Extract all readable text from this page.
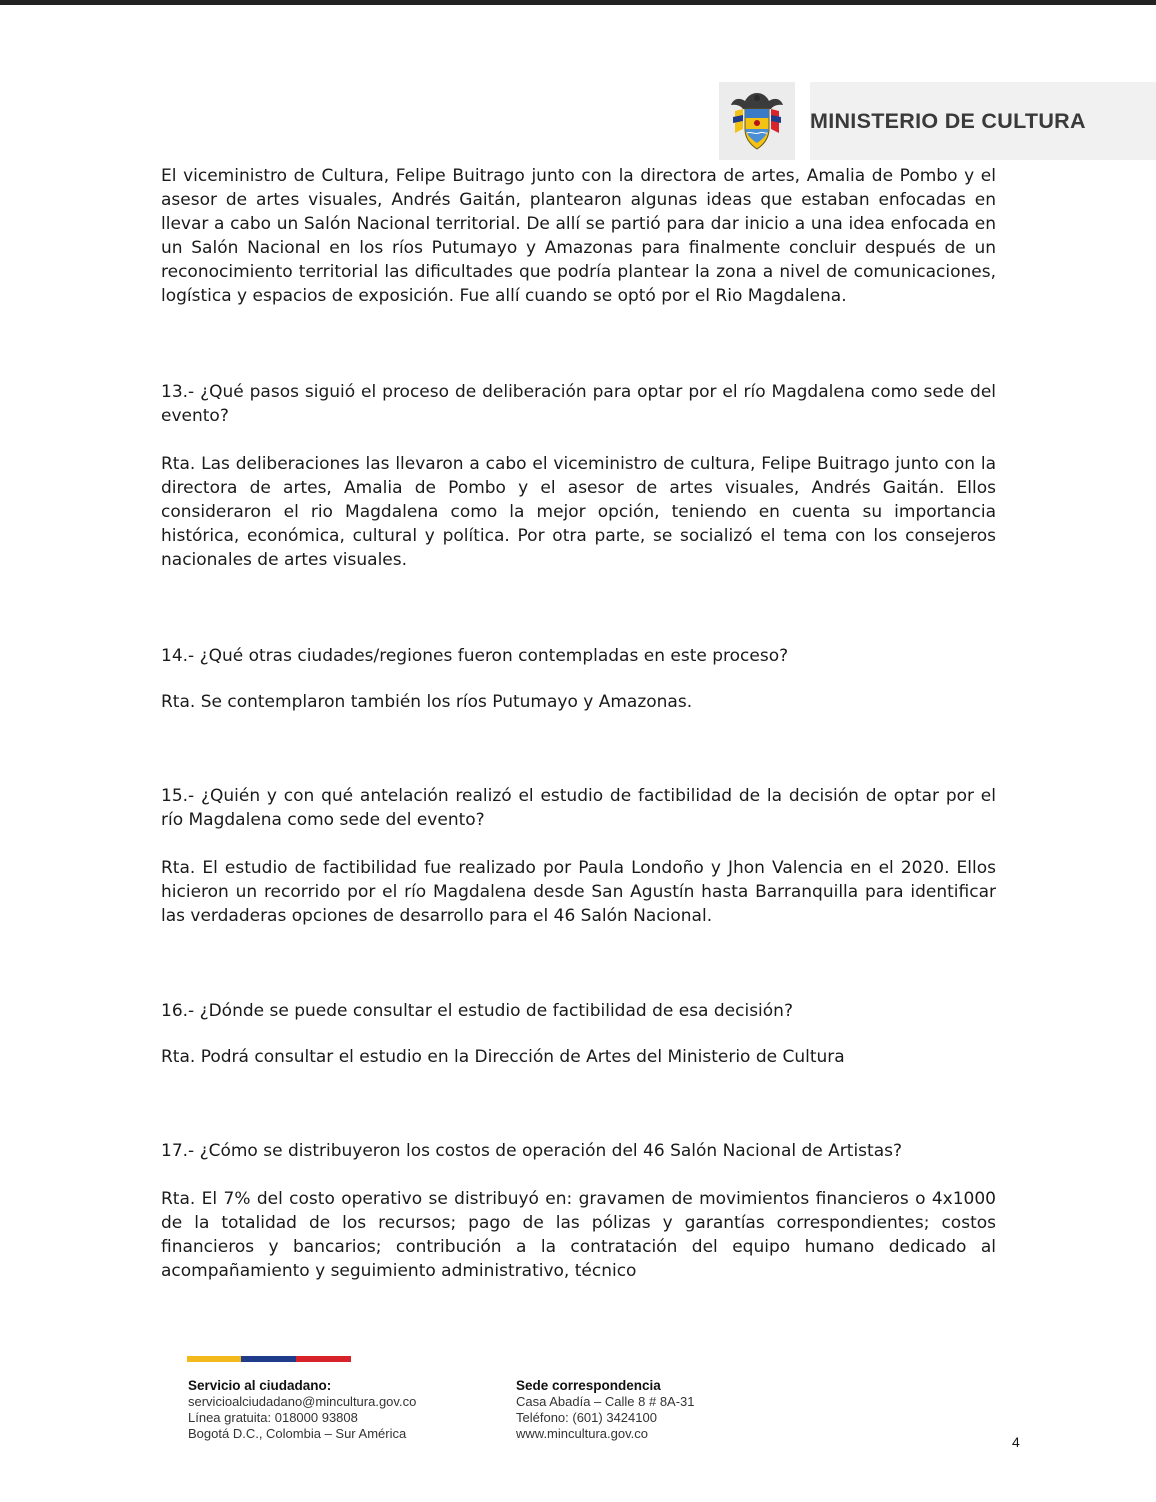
MINISTERIO DE CULTURA

El viceministro de Cultura, Felipe Buitrago junto con la directora de artes, Amalia de Pombo y el asesor de artes visuales, Andrés Gaitán, plantearon algunas ideas que estaban enfocadas en llevar a cabo un Salón Nacional territorial. De allí se partió para dar inicio a una idea enfocada en un Salón Nacional en los ríos Putumayo y Amazonas para finalmente concluir después de un reconocimiento territorial las dificultades que podría plantear la zona a nivel de comunicaciones, logística y espacios de exposición. Fue allí cuando se optó por el Rio Magdalena.

13.- ¿Qué pasos siguió el proceso de deliberación para optar por el río Magdalena como sede del evento?

Rta. Las deliberaciones las llevaron a cabo el viceministro de cultura, Felipe Buitrago junto con la directora de artes, Amalia de Pombo y el asesor de artes visuales, Andrés Gaitán. Ellos consideraron el rio Magdalena como la mejor opción, teniendo en cuenta su importancia histórica, económica, cultural y política. Por otra parte, se socializó el tema con los consejeros nacionales de artes visuales.

14.- ¿Qué otras ciudades/regiones fueron contempladas en este proceso?

Rta. Se contemplaron también los ríos Putumayo y Amazonas.

15.- ¿Quién y con qué antelación realizó el estudio de factibilidad de la decisión de optar por el río Magdalena como sede del evento?

Rta. El estudio de factibilidad fue realizado por Paula Londoño y Jhon Valencia en el 2020. Ellos hicieron un recorrido por el río Magdalena desde San Agustín hasta Barranquilla para identificar las verdaderas opciones de desarrollo para el 46 Salón Nacional.

16.- ¿Dónde se puede consultar el estudio de factibilidad de esa decisión?

Rta. Podrá consultar el estudio en la Dirección de Artes del Ministerio de Cultura

17.- ¿Cómo se distribuyeron los costos de operación del 46 Salón Nacional de Artistas?

Rta. El 7% del costo operativo se distribuyó en: gravamen de movimientos financieros o 4x1000 de la totalidad de los recursos; pago de las pólizas y garantías correspondientes; costos financieros y bancarios; contribución a la contratación del equipo humano dedicado al acompañamiento y seguimiento administrativo, técnico

Servicio al ciudadano:
servicioalciudadano@mincultura.gov.co
Línea gratuita: 018000 93808
Bogotá D.C., Colombia – Sur América
Sede correspondencia
Casa Abadía – Calle 8 # 8A-31
Teléfono: (601) 3424100
www.mincultura.gov.co
4
